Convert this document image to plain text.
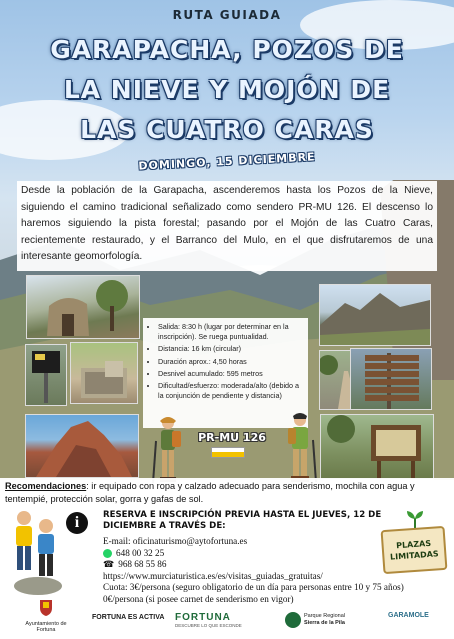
RUTA GUIADA
GARAPACHA, POZOS DE
LA NIEVE Y MOJÓN DE
LAS CUATRO CARAS
DOMINGO, 15 DICIEMBRE
Desde la población de la Garapacha, ascenderemos hasta los Pozos de la Nieve, siguiendo el camino tradicional señalizado como sendero PR-MU 126. El descenso lo haremos siguiendo la pista forestal; pasando por el Mojón de las Cuatro Caras, recientemente restaurado, y el Barranco del Mulo, en el que disfrutaremos de una interesante geomorfología.
• Salida: 8:30 h (lugar por determinar en la inscripción). Se ruega puntualidad.
• Distancia: 16 km (circular)
• Duración aprox.: 4,50 horas
• Desnivel acumulado: 595 metros
• Dificultad/esfuerzo: moderada/alto (debido a la conjunción de pendiente y distancia)
PR-MU 126
Recomendaciones: ir equipado con ropa y calzado adecuado para senderismo, mochila con agua y tentempié, protección solar, gorra y gafas de sol.
i	RESERVA E INSCRIPCIÓN PREVIA HASTA EL JUEVES, 12 DE
DICIEMBRE A TRAVÉS DE:
E-mail: oficinaturismo@aytofortuna.es
648 00 32 25
☎ 968 68 55 86
https://www.murciaturistica.es/es/visitas_guiadas_gratuitas/
Cuota: 3€/persona (seguro obligatorio de un día para personas entre 10 y 75 años)
0€/persona (si posee carnet de senderismo en vigor)
PLAZAS
LIMITADAS
Ayuntamiento de
Fortuna
FORTUNA ES ACTIVA FORTUNA
DESCUBRE LO QUE ESCONDE
Parque Regional
Sierra de la Pila
GARAMOLE
